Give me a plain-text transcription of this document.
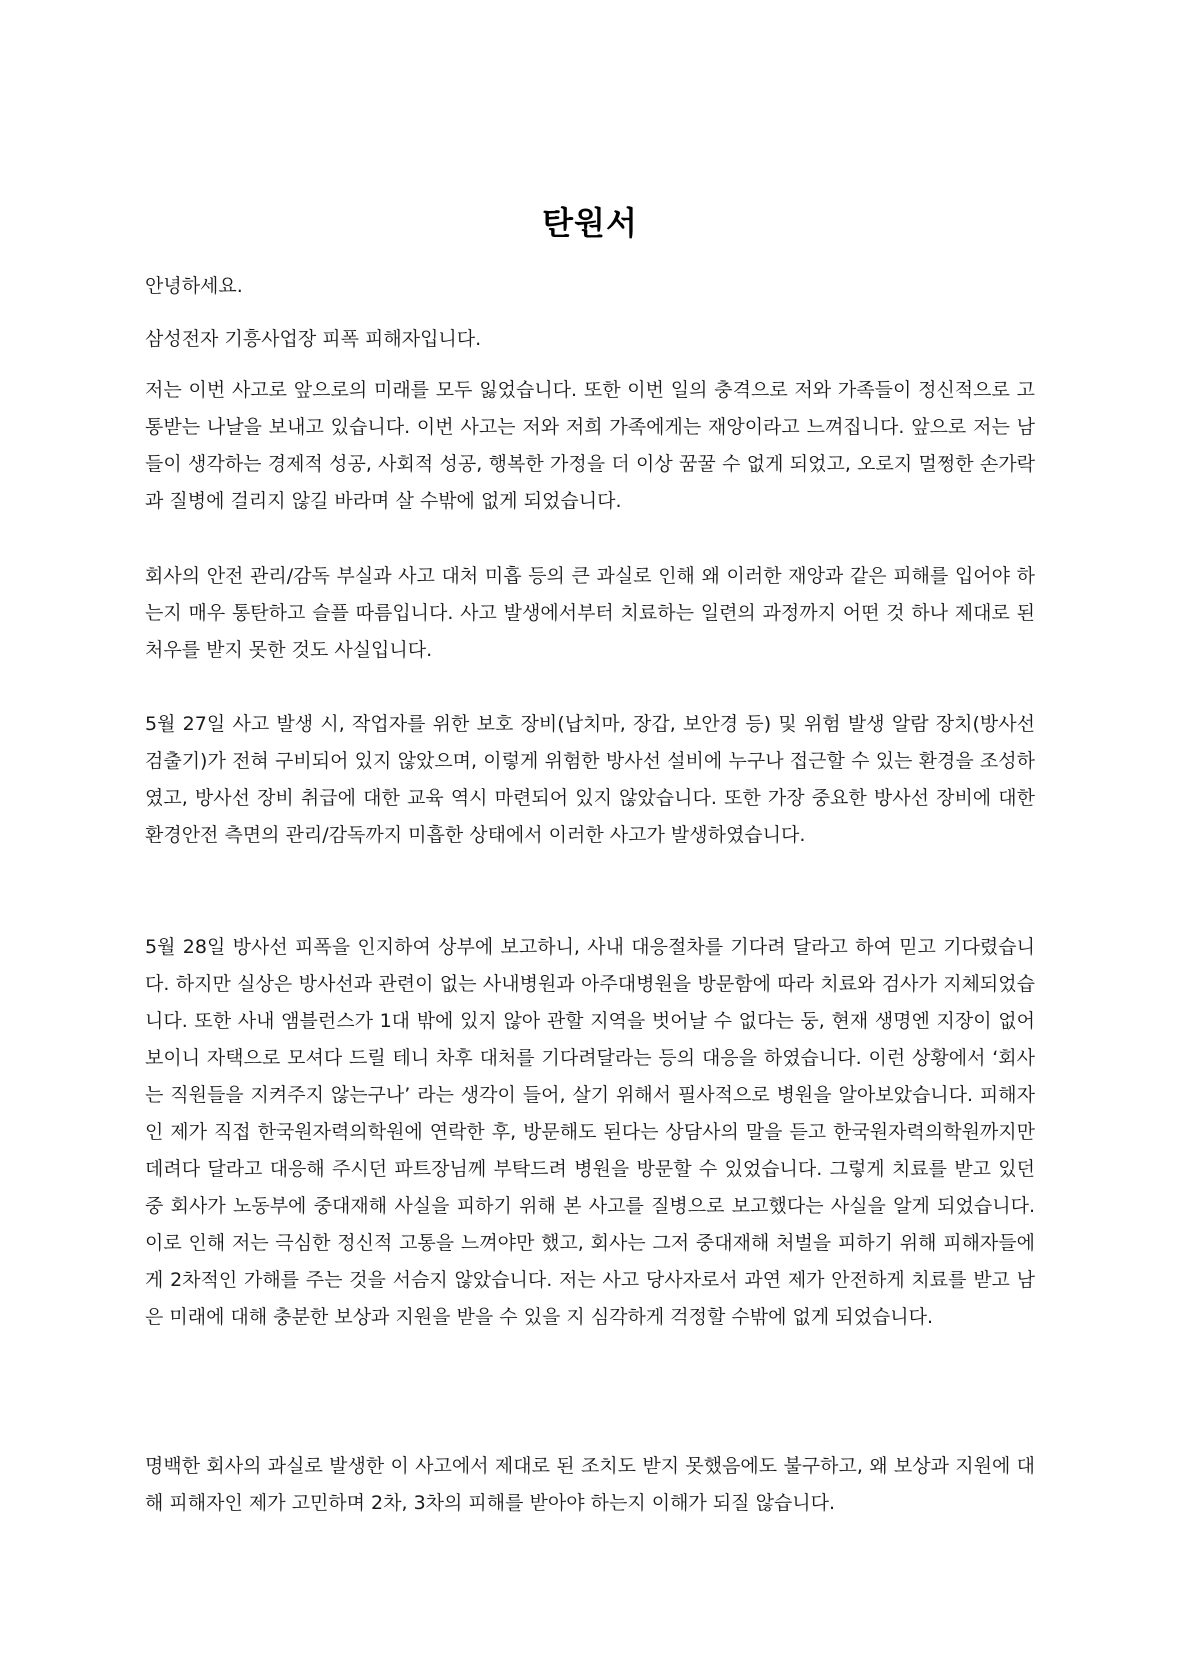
탄원서
안녕하세요.
삼성전자 기흥사업장 피폭 피해자입니다.
저는 이번 사고로 앞으로의 미래를 모두 잃었습니다. 또한 이번 일의 충격으로 저와 가족들이 정신적으로 고통받는 나날을 보내고 있습니다. 이번 사고는 저와 저희 가족에게는 재앙이라고 느껴집니다. 앞으로 저는 남들이 생각하는 경제적 성공, 사회적 성공, 행복한 가정을 더 이상 꿈꿀 수 없게 되었고, 오로지 멀쩡한 손가락과 질병에 걸리지 않길 바라며 살 수밖에 없게 되었습니다.
회사의 안전 관리/감독 부실과 사고 대처 미흡 등의 큰 과실로 인해 왜 이러한 재앙과 같은 피해를 입어야 하는지 매우 통탄하고 슬플 따름입니다. 사고 발생에서부터 치료하는 일련의 과정까지 어떤 것 하나 제대로 된 처우를 받지 못한 것도 사실입니다.
5월 27일 사고 발생 시, 작업자를 위한 보호 장비(납치마, 장갑, 보안경 등) 및 위험 발생 알람 장치(방사선 검출기)가 전혀 구비되어 있지 않았으며, 이렇게 위험한 방사선 설비에 누구나 접근할 수 있는 환경을 조성하였고, 방사선 장비 취급에 대한 교육 역시 마련되어 있지 않았습니다. 또한 가장 중요한 방사선 장비에 대한 환경안전 측면의 관리/감독까지 미흡한 상태에서 이러한 사고가 발생하였습니다.
5월 28일 방사선 피폭을 인지하여 상부에 보고하니, 사내 대응절차를 기다려 달라고 하여 믿고 기다렸습니다. 하지만 실상은 방사선과 관련이 없는 사내병원과 아주대병원을 방문함에 따라 치료와 검사가 지체되었습니다. 또한 사내 앰블런스가 1대 밖에 있지 않아 관할 지역을 벗어날 수 없다는 둥, 현재 생명엔 지장이 없어 보이니 자택으로 모셔다 드릴 테니 차후 대처를 기다려달라는 등의 대응을 하였습니다. 이런 상황에서 ‘회사는 직원들을 지켜주지 않는구나’ 라는 생각이 들어, 살기 위해서 필사적으로 병원을 알아보았습니다. 피해자인 제가 직접 한국원자력의학원에 연락한 후, 방문해도 된다는 상담사의 말을 듣고 한국원자력의학원까지만 데려다 달라고 대응해 주시던 파트장님께 부탁드려 병원을 방문할 수 있었습니다. 그렇게 치료를 받고 있던 중 회사가 노동부에 중대재해 사실을 피하기 위해 본 사고를 질병으로 보고했다는 사실을 알게 되었습니다. 이로 인해 저는 극심한 정신적 고통을 느껴야만 했고, 회사는 그저 중대재해 처벌을 피하기 위해 피해자들에게 2차적인 가해를 주는 것을 서슴지 않았습니다. 저는 사고 당사자로서 과연 제가 안전하게 치료를 받고 남은 미래에 대해 충분한 보상과 지원을 받을 수 있을 지 심각하게 걱정할 수밖에 없게 되었습니다.
명백한 회사의 과실로 발생한 이 사고에서 제대로 된 조치도 받지 못했음에도 불구하고, 왜 보상과 지원에 대해 피해자인 제가 고민하며 2차, 3차의 피해를 받아야 하는지 이해가 되질 않습니다.
